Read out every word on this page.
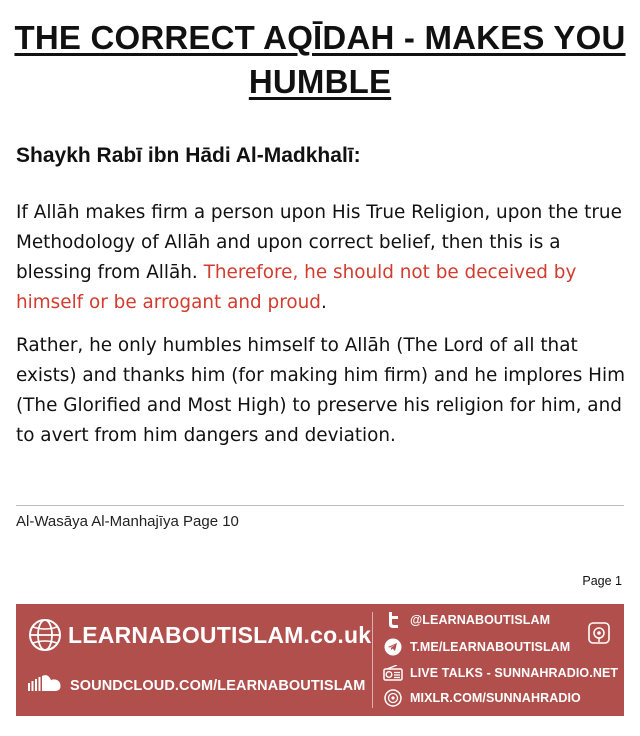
THE CORRECT AQĪDAH - MAKES YOU HUMBLE
Shaykh Rabī ibn Hādi Al-Madkhalī:

If Allāh makes firm a person upon His True Religion, upon the true Methodology of Allāh and upon correct belief, then this is a blessing from Allāh. Therefore, he should not be deceived by himself or be arrogant and proud.

Rather, he only humbles himself to Allāh (The Lord of all that exists) and thanks him (for making him firm) and he implores Him (The Glorified and Most High) to preserve his religion for him, and to avert from him dangers and deviation.

Al-Wasāya Al-Manhajīya Page 10

Page 1

LEARNABOUTISLAM.co.uk
SOUNDCLOUD.COM/LEARNABOUTISLAM
@LEARNABOUTISLAM
T.ME/LEARNABOUTISLAM
LIVE TALKS - SUNNAHRADIO.NET
MIXLR.COM/SUNNAHRADIO
